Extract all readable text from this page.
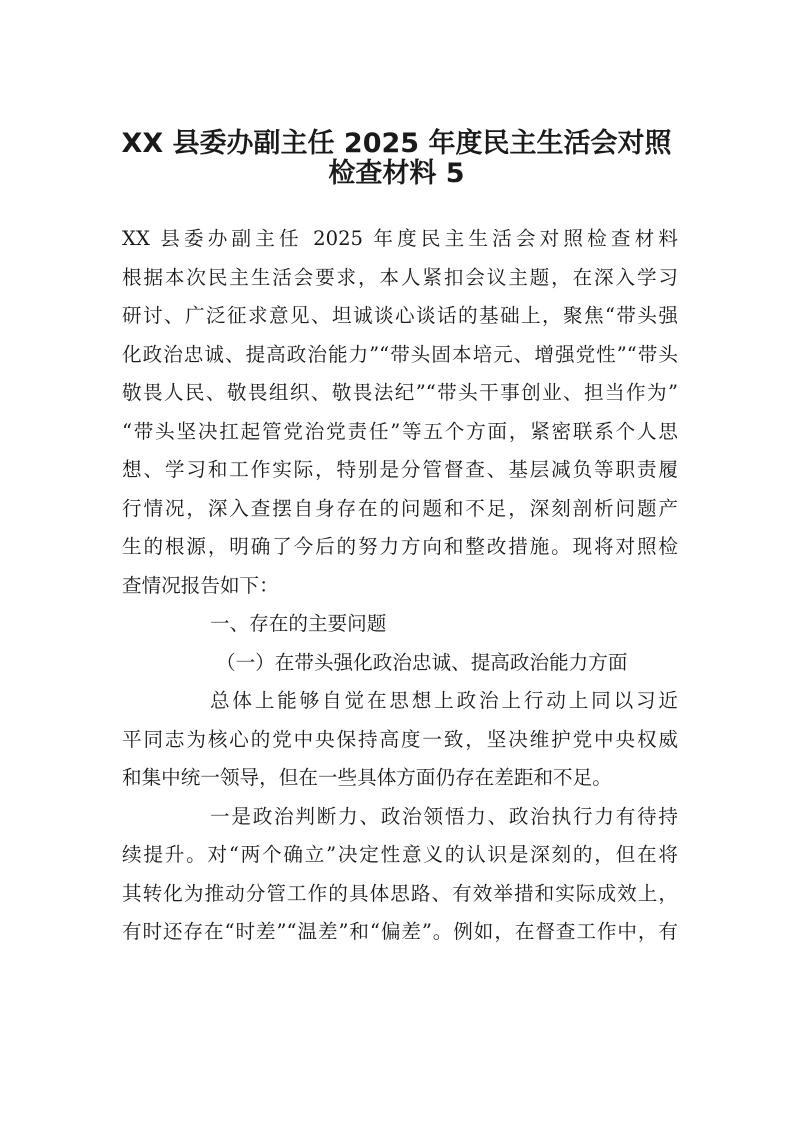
XX 县委办副主任 2025 年度民主生活会对照
检查材料 5
XX 县委办副主任 2025 年度民主生活会对照检查材料
根据本次民主生活会要求，本人紧扣会议主题，在深入学习
研讨、广泛征求意见、坦诚谈心谈话的基础上，聚焦“带头强
化政治忠诚、提高政治能力”“带头固本培元、增强党性”“带头
敬畏人民、敬畏组织、敬畏法纪”“带头干事创业、担当作为”
“带头坚决扛起管党治党责任”等五个方面，紧密联系个人思
想、学习和工作实际，特别是分管督查、基层减负等职责履
行情况，深入查摆自身存在的问题和不足，深刻剖析问题产
生的根源，明确了今后的努力方向和整改措施。现将对照检
查情况报告如下：
一、存在的主要问题
（一）在带头强化政治忠诚、提高政治能力方面
总体上能够自觉在思想上政治上行动上同以习近
平同志为核心的党中央保持高度一致，坚决维护党中央权威
和集中统一领导，但在一些具体方面仍存在差距和不足。
一是政治判断力、政治领悟力、政治执行力有待持
续提升。对“两个确立”决定性意义的认识是深刻的，但在将
其转化为推动分管工作的具体思路、有效举措和实际成效上，
有时还存在“时差”“温差”和“偏差”。例如，在督查工作中，有
